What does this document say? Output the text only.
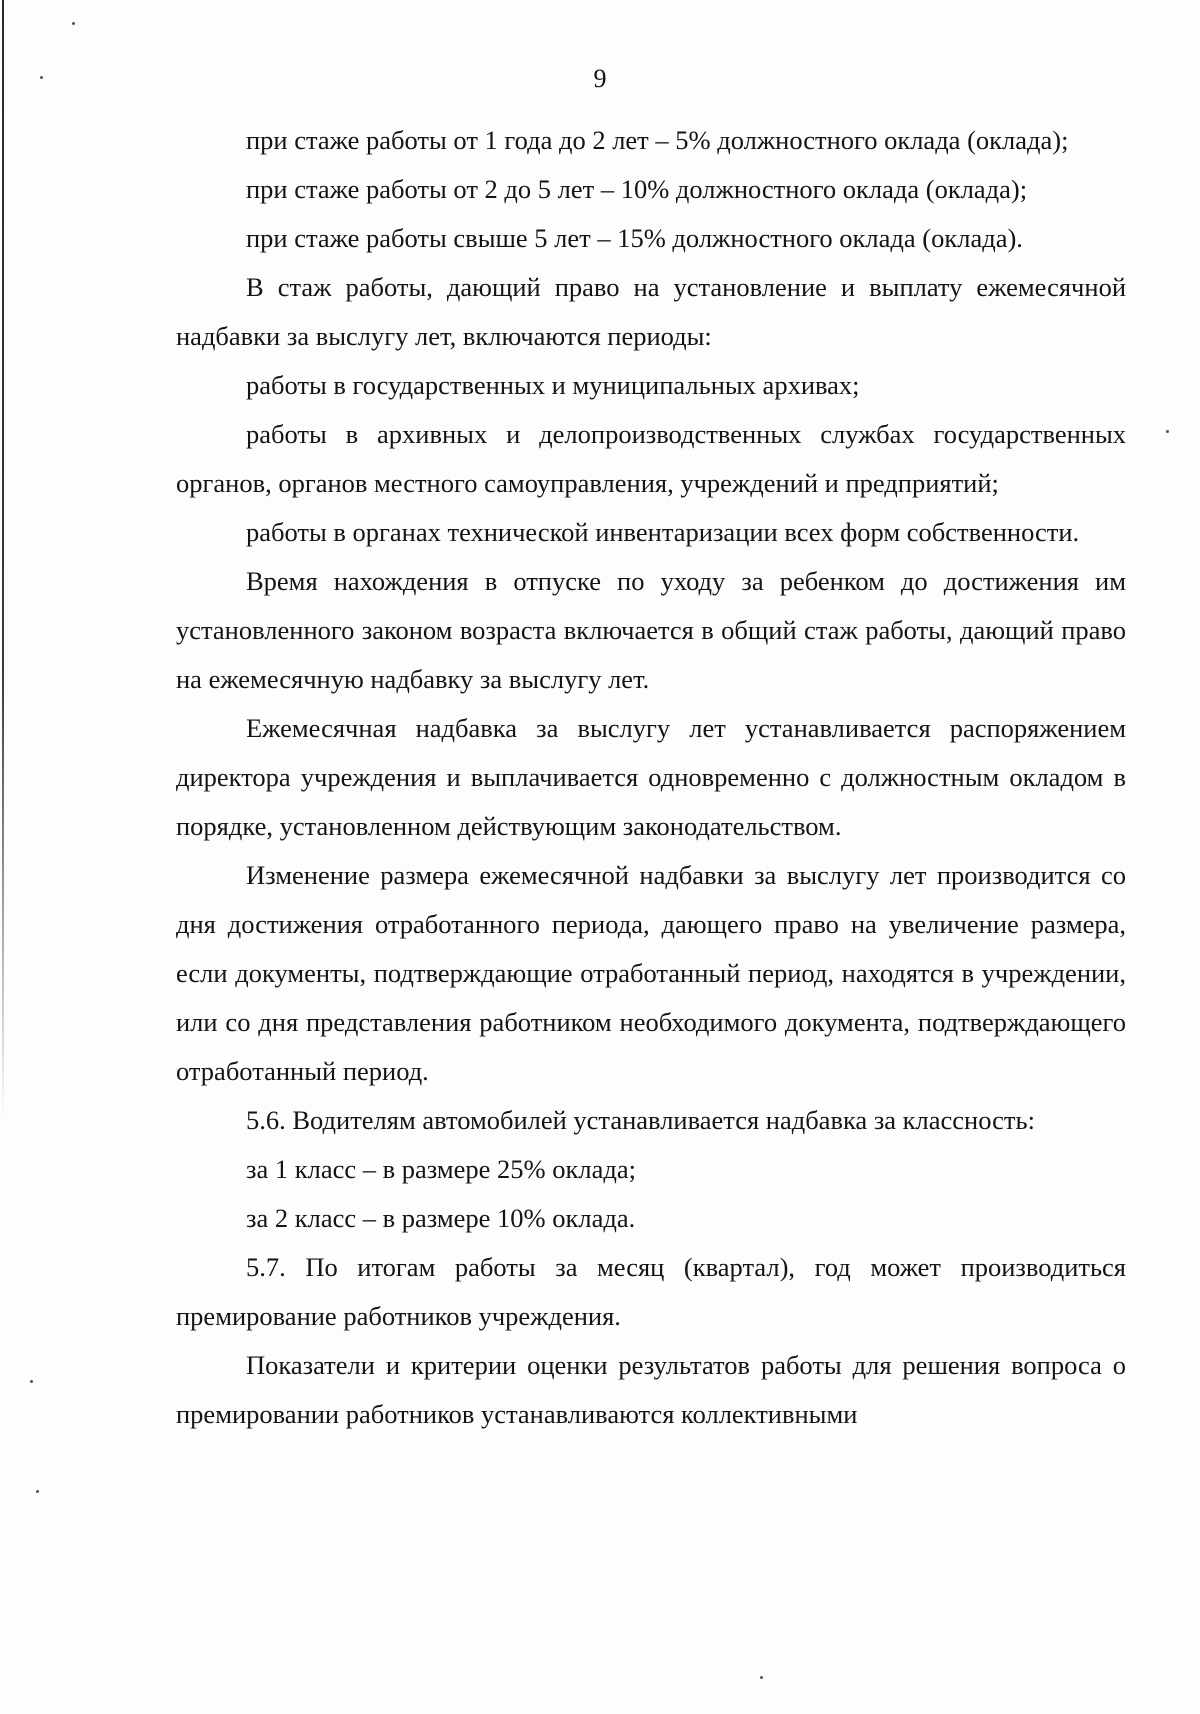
9

при стаже работы от 1 года до 2 лет – 5% должностного оклада (оклада);

при стаже работы от 2 до 5 лет – 10% должностного оклада (оклада);

при стаже работы свыше 5 лет – 15% должностного оклада (оклада).

В стаж работы, дающий право на установление и выплату ежемесячной надбавки за выслугу лет, включаются периоды:

работы в государственных и муниципальных архивах;

работы в архивных и делопроизводственных службах государственных органов, органов местного самоуправления, учреждений и предприятий;

работы в органах технической инвентаризации всех форм собственности.

Время нахождения в отпуске по уходу за ребенком до достижения им установленного законом возраста включается в общий стаж работы, дающий право на ежемесячную надбавку за выслугу лет.

Ежемесячная надбавка за выслугу лет устанавливается распоряжением директора учреждения и выплачивается одновременно с должностным окладом в порядке, установленном действующим законодательством.

Изменение размера ежемесячной надбавки за выслугу лет производится со дня достижения отработанного периода, дающего право на увеличение размера, если документы, подтверждающие отработанный период, находятся в учреждении, или со дня представления работником необходимого документа, подтверждающего отработанный период.

5.6. Водителям автомобилей устанавливается надбавка за классность:

за 1 класс – в размере 25% оклада;

за 2 класс – в размере 10% оклада.

5.7. По итогам работы за месяц (квартал), год может производиться премирование работников учреждения.

Показатели и критерии оценки результатов работы для решения вопроса о премировании работников устанавливаются коллективными
